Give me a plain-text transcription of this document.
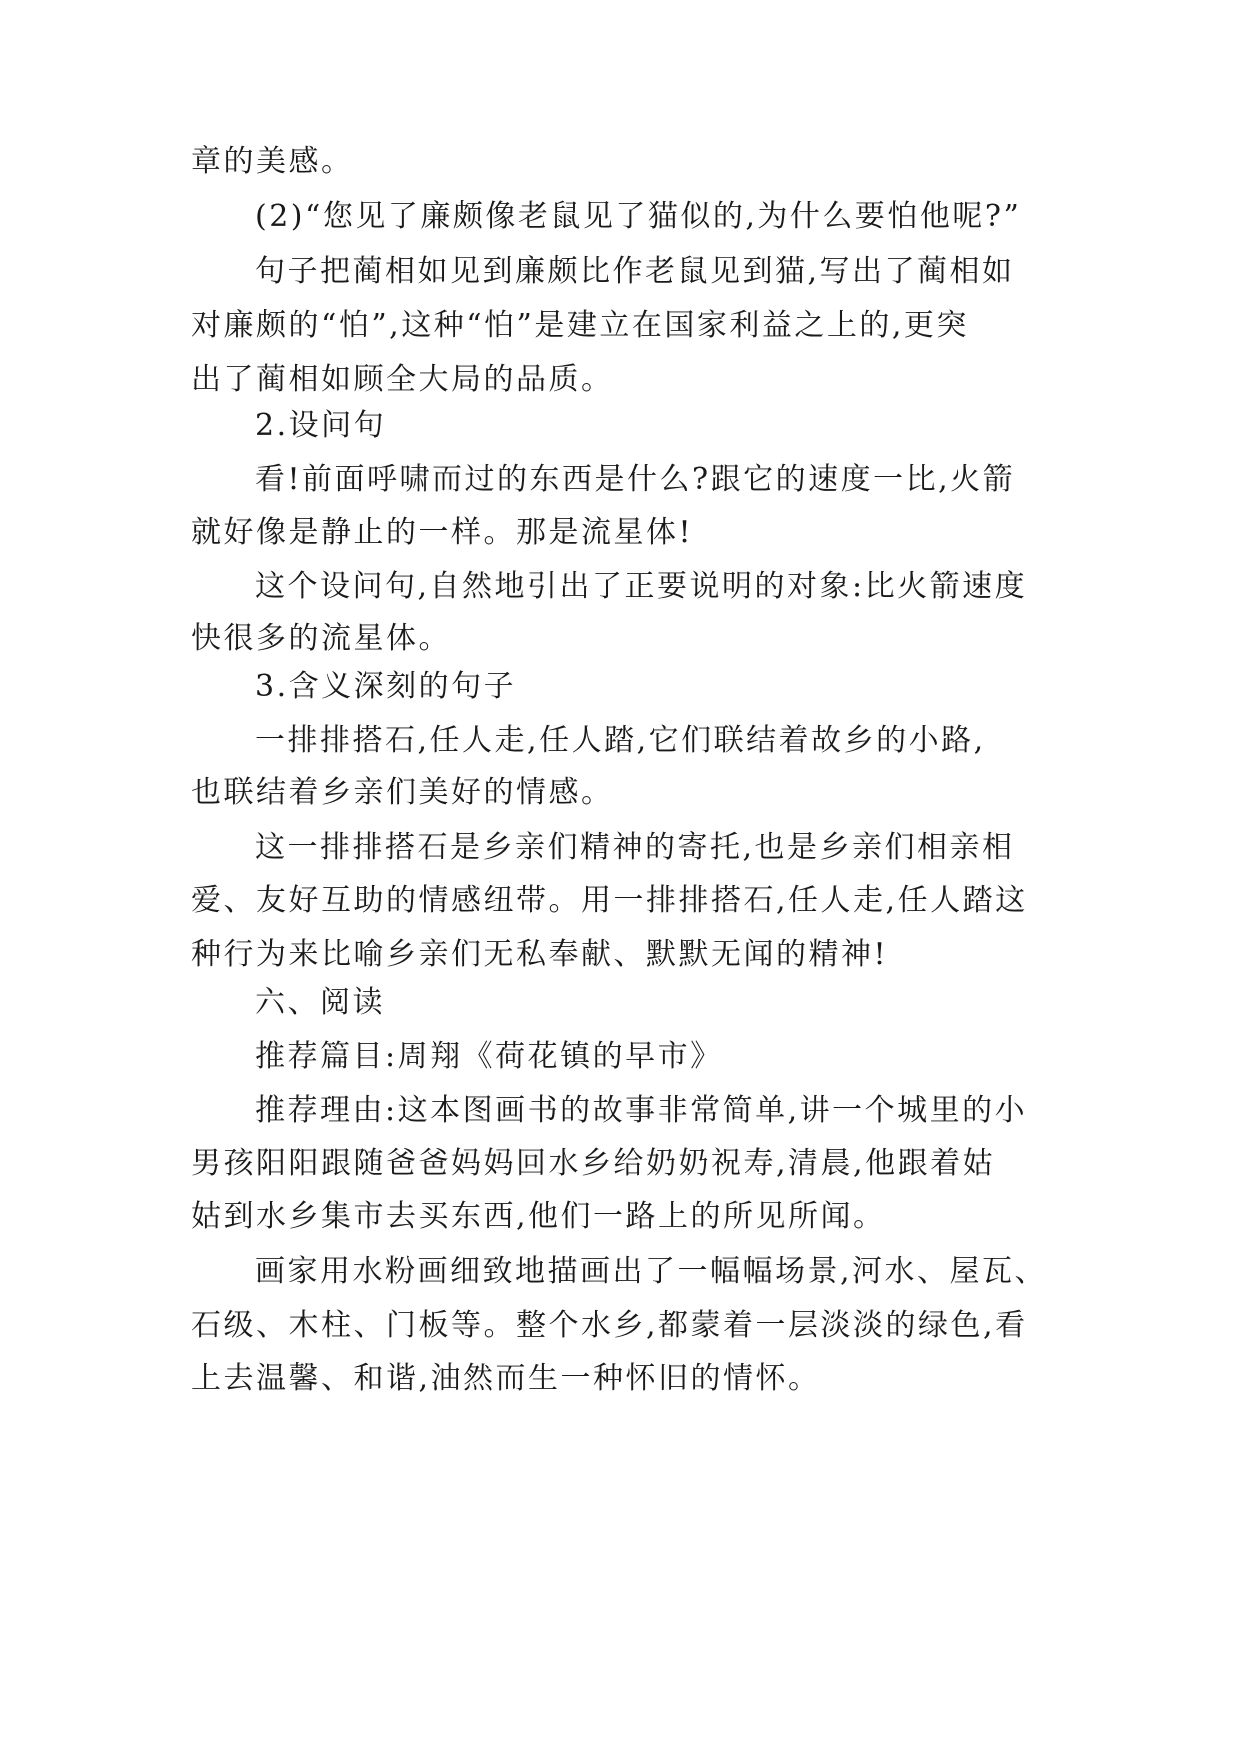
章的美感。
(2)“您见了廉颇像老鼠见了猫似的,为什么要怕他呢?”
句子把蔺相如见到廉颇比作老鼠见到猫,写出了蔺相如
对廉颇的“怕”,这种“怕”是建立在国家利益之上的,更突
出了蔺相如顾全大局的品质。
2.设问句
看!前面呼啸而过的东西是什么?跟它的速度一比,火箭
就好像是静止的一样。那是流星体!
这个设问句,自然地引出了正要说明的对象:比火箭速度
快很多的流星体。
3.含义深刻的句子
一排排搭石,任人走,任人踏,它们联结着故乡的小路,
也联结着乡亲们美好的情感。
这一排排搭石是乡亲们精神的寄托,也是乡亲们相亲相
爱、友好互助的情感纽带。用一排排搭石,任人走,任人踏这
种行为来比喻乡亲们无私奉献、默默无闻的精神!
六、阅读
推荐篇目:周翔《荷花镇的早市》
推荐理由:这本图画书的故事非常简单,讲一个城里的小
男孩阳阳跟随爸爸妈妈回水乡给奶奶祝寿,清晨,他跟着姑
姑到水乡集市去买东西,他们一路上的所见所闻。
画家用水粉画细致地描画出了一幅幅场景,河水、屋瓦、
石级、木柱、门板等。整个水乡,都蒙着一层淡淡的绿色,看
上去温馨、和谐,油然而生一种怀旧的情怀。
